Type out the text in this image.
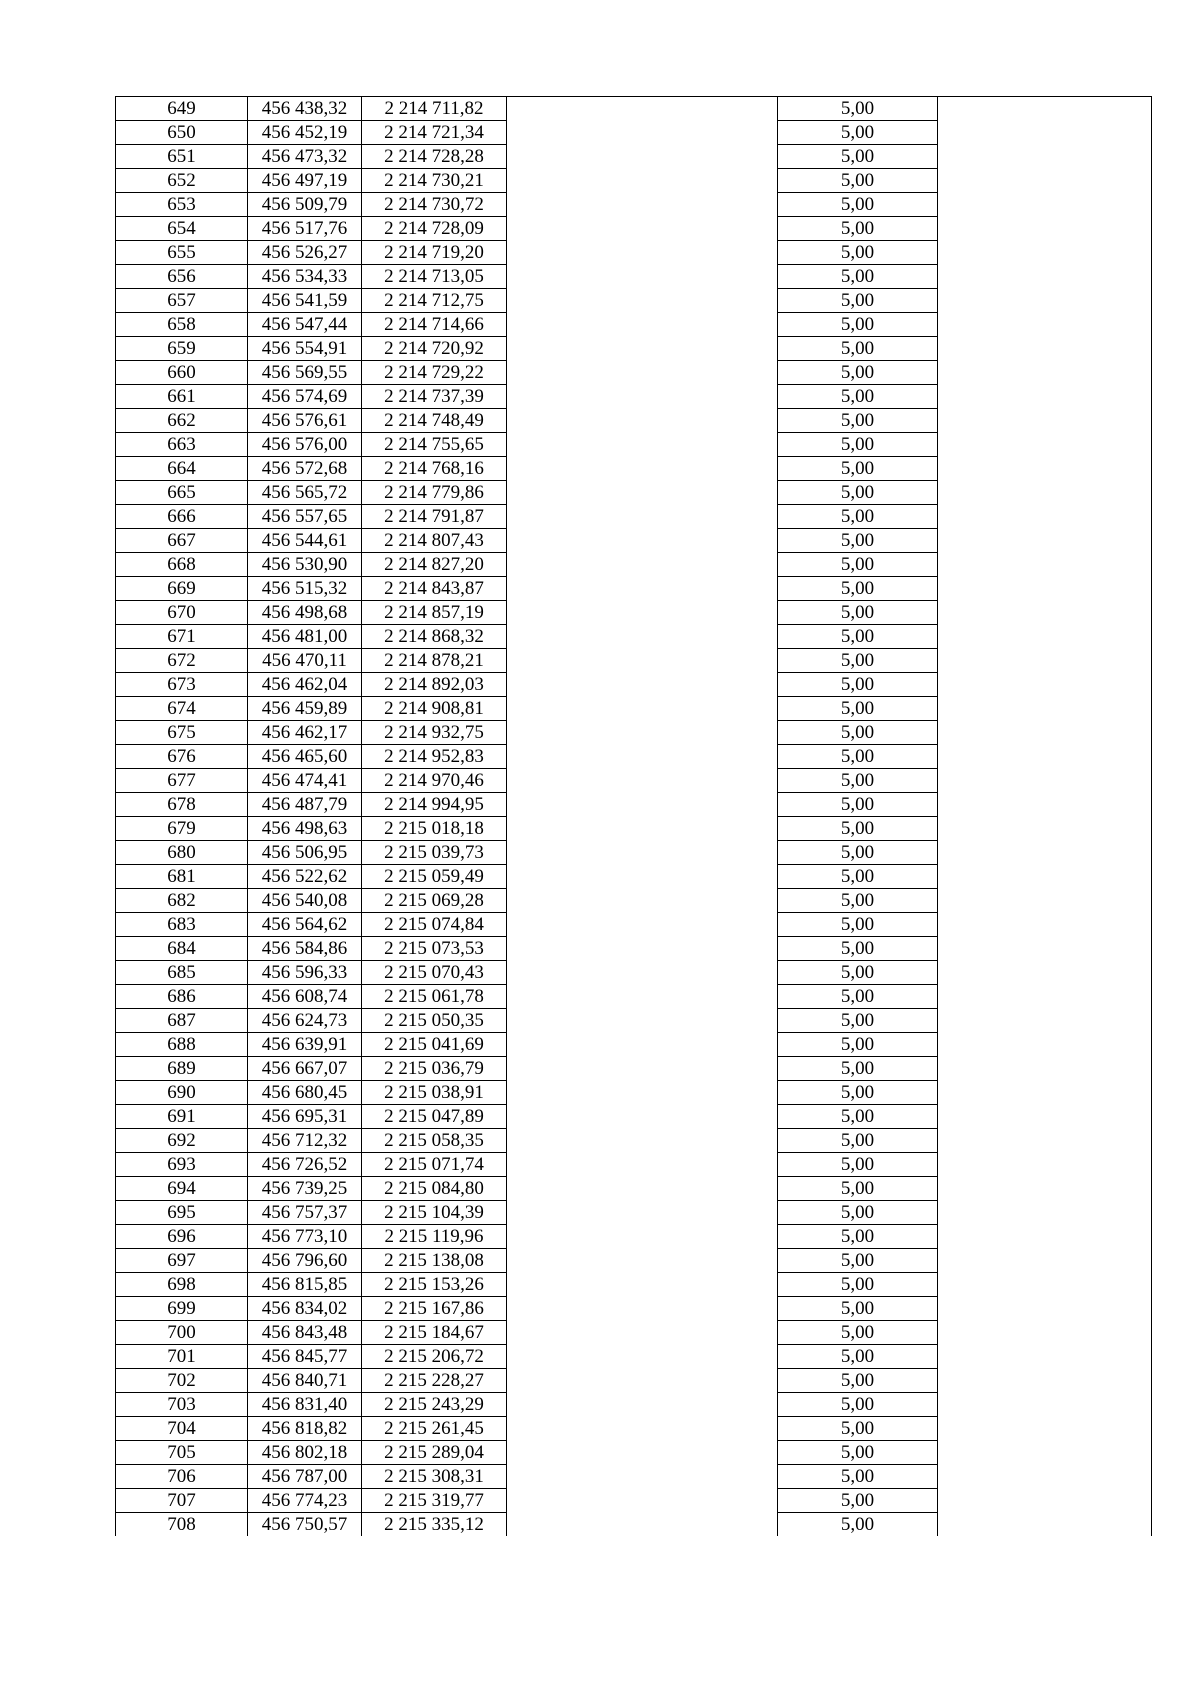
649	456 438,32	2 214 711,82		5,00	
650	456 452,19	2 214 721,34		5,00	
651	456 473,32	2 214 728,28		5,00	
652	456 497,19	2 214 730,21		5,00	
653	456 509,79	2 214 730,72		5,00	
654	456 517,76	2 214 728,09		5,00	
655	456 526,27	2 214 719,20		5,00	
656	456 534,33	2 214 713,05		5,00	
657	456 541,59	2 214 712,75		5,00	
658	456 547,44	2 214 714,66		5,00	
659	456 554,91	2 214 720,92		5,00	
660	456 569,55	2 214 729,22		5,00	
661	456 574,69	2 214 737,39		5,00	
662	456 576,61	2 214 748,49		5,00	
663	456 576,00	2 214 755,65		5,00	
664	456 572,68	2 214 768,16		5,00	
665	456 565,72	2 214 779,86		5,00	
666	456 557,65	2 214 791,87		5,00	
667	456 544,61	2 214 807,43		5,00	
668	456 530,90	2 214 827,20		5,00	
669	456 515,32	2 214 843,87		5,00	
670	456 498,68	2 214 857,19		5,00	
671	456 481,00	2 214 868,32		5,00	
672	456 470,11	2 214 878,21		5,00	
673	456 462,04	2 214 892,03		5,00	
674	456 459,89	2 214 908,81		5,00	
675	456 462,17	2 214 932,75		5,00	
676	456 465,60	2 214 952,83		5,00	
677	456 474,41	2 214 970,46		5,00	
678	456 487,79	2 214 994,95		5,00	
679	456 498,63	2 215 018,18		5,00	
680	456 506,95	2 215 039,73		5,00	
681	456 522,62	2 215 059,49		5,00	
682	456 540,08	2 215 069,28		5,00	
683	456 564,62	2 215 074,84		5,00	
684	456 584,86	2 215 073,53		5,00	
685	456 596,33	2 215 070,43		5,00	
686	456 608,74	2 215 061,78		5,00	
687	456 624,73	2 215 050,35		5,00	
688	456 639,91	2 215 041,69		5,00	
689	456 667,07	2 215 036,79		5,00	
690	456 680,45	2 215 038,91		5,00	
691	456 695,31	2 215 047,89		5,00	
692	456 712,32	2 215 058,35		5,00	
693	456 726,52	2 215 071,74		5,00	
694	456 739,25	2 215 084,80		5,00	
695	456 757,37	2 215 104,39		5,00	
696	456 773,10	2 215 119,96		5,00	
697	456 796,60	2 215 138,08		5,00	
698	456 815,85	2 215 153,26		5,00	
699	456 834,02	2 215 167,86		5,00	
700	456 843,48	2 215 184,67		5,00	
701	456 845,77	2 215 206,72		5,00	
702	456 840,71	2 215 228,27		5,00	
703	456 831,40	2 215 243,29		5,00	
704	456 818,82	2 215 261,45		5,00	
705	456 802,18	2 215 289,04		5,00	
706	456 787,00	2 215 308,31		5,00	
707	456 774,23	2 215 319,77		5,00	
708	456 750,57	2 215 335,12		5,00	
